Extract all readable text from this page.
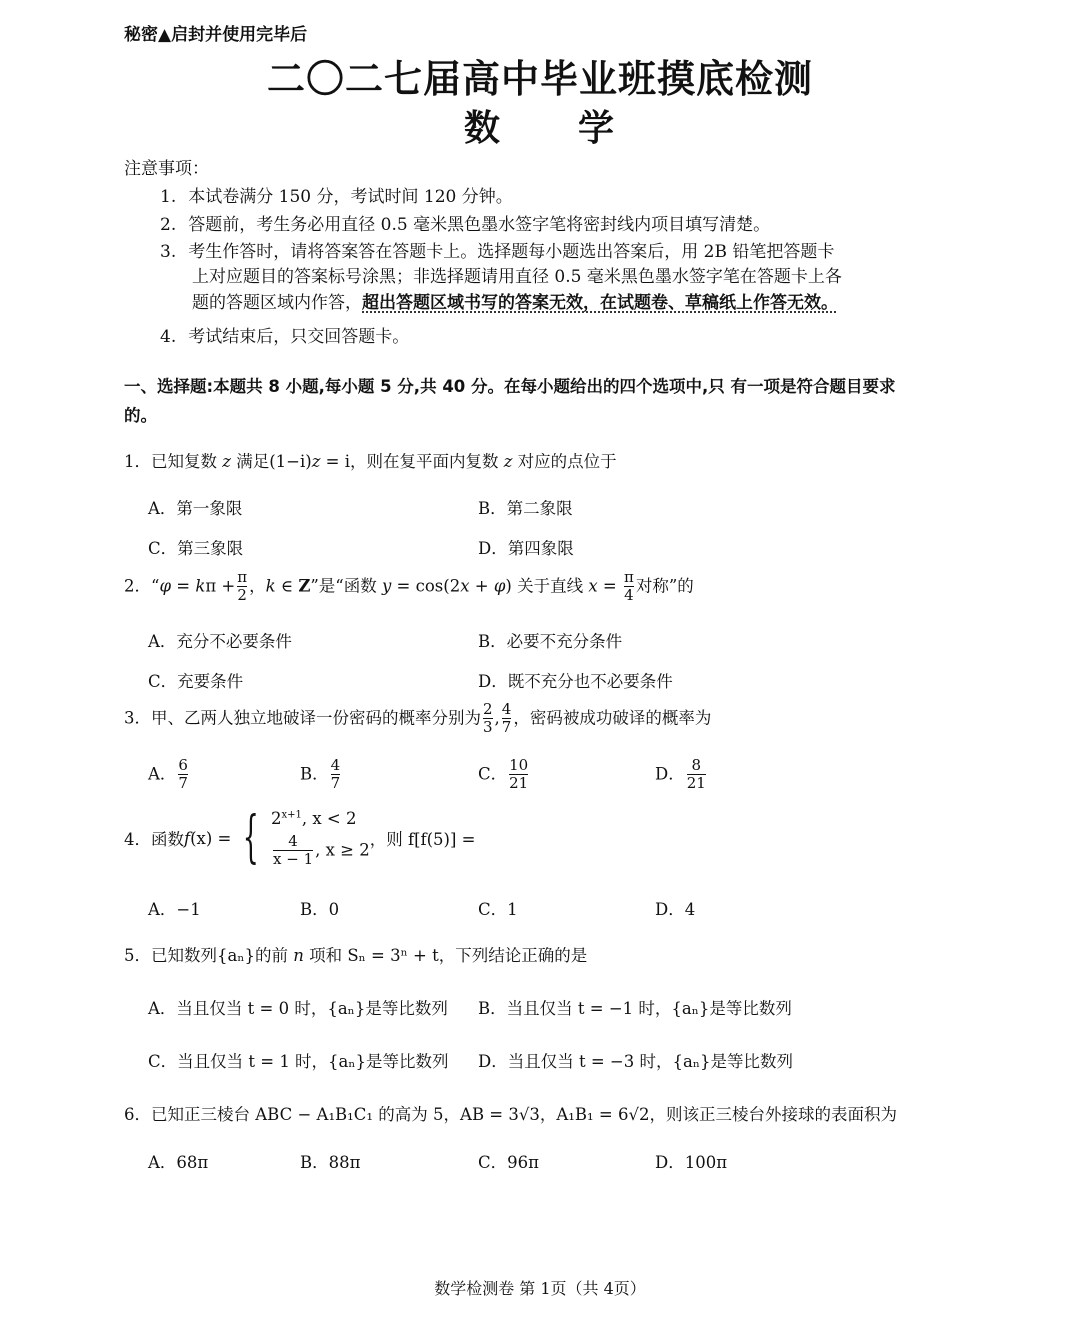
秘密▲启封并使用完毕后
二〇二七届高中毕业班摸底检测
数　　学
注意事项：
1. 本试卷满分 150 分，考试时间 120 分钟。
2. 答题前，考生务必用直径 0.5 毫米黑色墨水签字笔将密封线内项目填写清楚。
3. 考生作答时，请将答案答在答题卡上。选择题每小题选出答案后，用 2B 铅笔把答题卡
上对应题目的答案标号涂黑；非选择题请用直径 0.5 毫米黑色墨水签字笔在答题卡上各
题的答题区域内作答，超出答题区域书写的答案无效，在试题卷、草稿纸上作答无效。
4. 考试结束后，只交回答题卡。
一、选择题:本题共 8 小题,每小题 5 分,共 40 分。在每小题给出的四个选项中,只 有一项是符合题目要求
的。
1．已知复数 z 满足(1−i)z = i，则在复平面内复数 z 对应的点位于
A．第一象限	B．第二象限
C．第三象限	D．第四象限
2．“$\varphi = k\pi + \frac{\pi}{2}$ ，k ∈ Z”是“函数 y = cos(2x + φ) 关于直线 $x = \frac{\pi}{4}$ 对称”的
A．充分不必要条件	B．必要不充分条件
C．充要条件	D．既不充分也不必要条件
3．甲、乙两人独立地破译一份密码的概率分别为 $\frac{2}{3}$ , $\frac{4}{7}$ ，密码被成功破译的概率为
A． $\frac{6}{7}$	B． $\frac{4}{7}$	C． $\frac{10}{21}$	D． $\frac{8}{21}$
4．函数 f (x) = { $2^{x+1}$, x < 2
$\frac{4}{x - 1}$ , x ≥ 2
，则 f[f(5)] =
A．−1	B．0	C．1	D．4
5．已知数列{aₙ}的前 n 项和 Sₙ = 3ⁿ + t，下列结论正确的是
A．当且仅当 t = 0 时，{aₙ}是等比数列 B．当且仅当 t = −1 时，{aₙ}是等比数列
C．当且仅当 t = 1 时，{aₙ}是等比数列 D．当且仅当 t = −3 时，{aₙ}是等比数列
6．已知正三棱台 ABC − A₁B₁C₁ 的高为 5，AB = 3√3，A₁B₁ = 6√2，则该正三棱台外接球的表面积为
A．68π	B．88π	C．96π	D．100π
数学检测卷 第 1页（共 4页）
